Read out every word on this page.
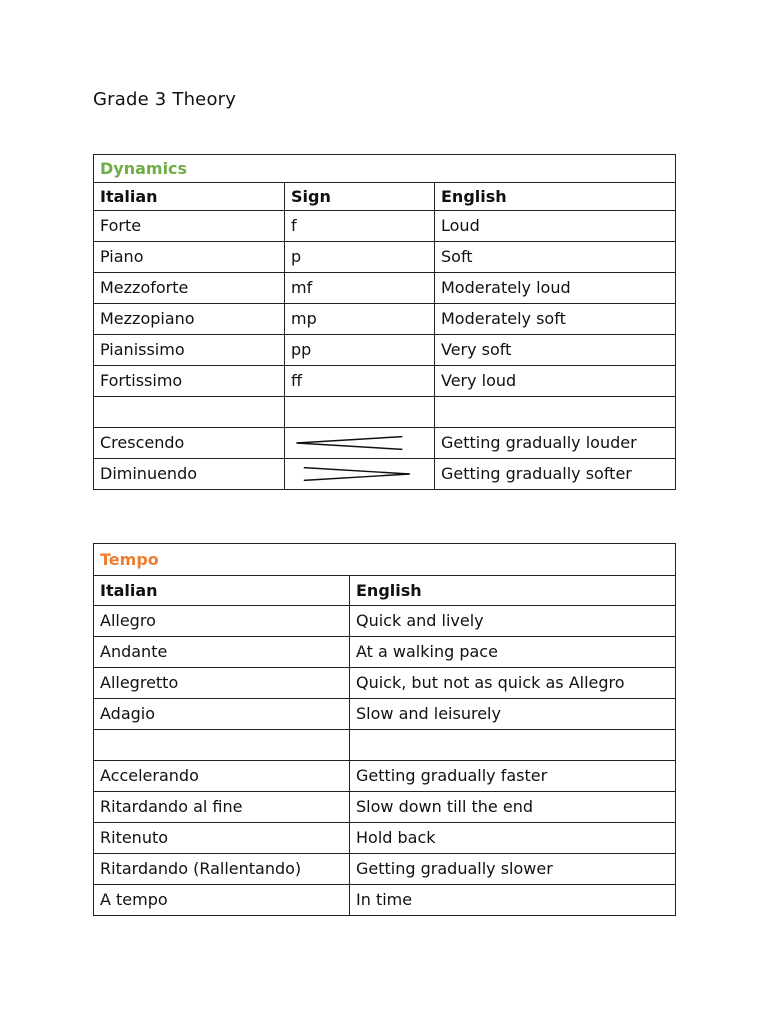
Grade 3 Theory
Dynamics		
Italian	Sign	English
Forte	f	Loud
Piano	p	Soft
Mezzoforte	mf	Moderately loud
Mezzopiano	mp	Moderately soft
Pianissimo	pp	Very soft
Fortissimo	ff	Very loud

Crescendo		Getting gradually louder
Diminuendo		Getting gradually softer
Tempo	
Italian	English
Allegro	Quick and lively
Andante	At a walking pace
Allegretto	Quick, but not as quick as Allegro
Adagio	Slow and leisurely

Accelerando	Getting gradually faster
Ritardando al fine	Slow down till the end
Ritenuto	Hold back
Ritardando (Rallentando)	Getting gradually slower
A tempo	In time
